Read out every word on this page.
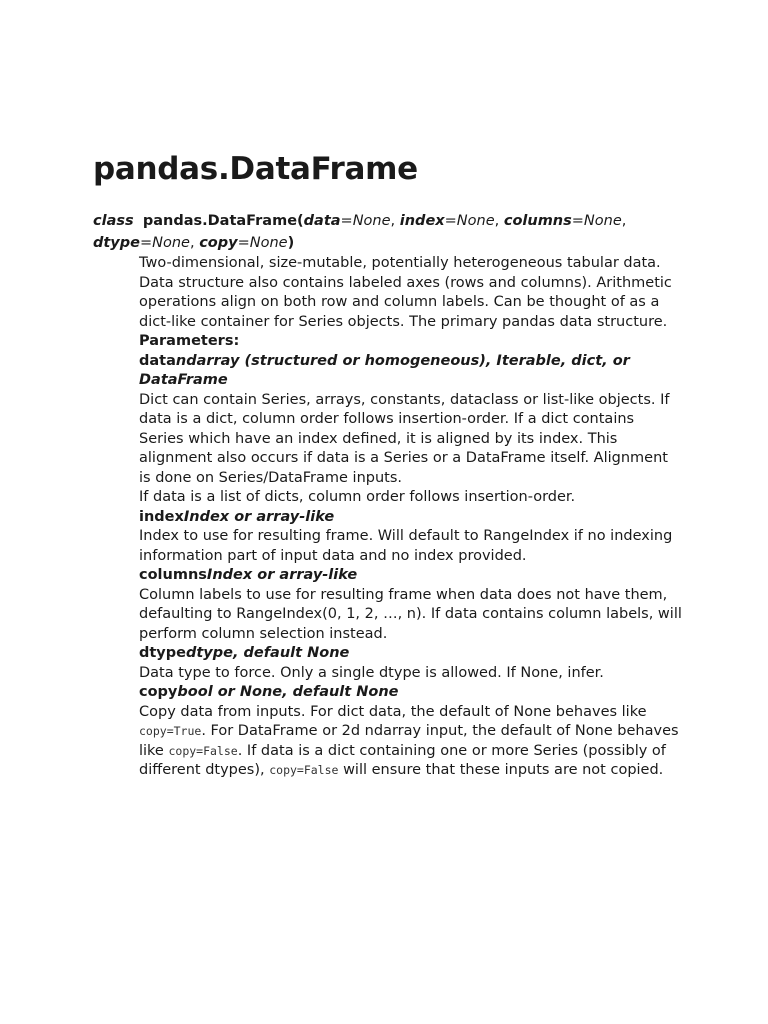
pandas.DataFrame

class pandas.DataFrame(data=None, index=None, columns=None, dtype=None, copy=None)

Two-dimensional, size-mutable, potentially heterogeneous tabular data.

Data structure also contains labeled axes (rows and columns). Arithmetic operations align on both row and column labels. Can be thought of as a dict-like container for Series objects. The primary pandas data structure.

Parameters:

datandarray (structured or homogeneous), Iterable, dict, or DataFrame

Dict can contain Series, arrays, constants, dataclass or list-like objects. If data is a dict, column order follows insertion-order. If a dict contains Series which have an index defined, it is aligned by its index. This alignment also occurs if data is a Series or a DataFrame itself. Alignment is done on Series/DataFrame inputs.

If data is a list of dicts, column order follows insertion-order.

indexIndex or array-like

Index to use for resulting frame. Will default to RangeIndex if no indexing information part of input data and no index provided.

columnsIndex or array-like

Column labels to use for resulting frame when data does not have them, defaulting to RangeIndex(0, 1, 2, …, n). If data contains column labels, will perform column selection instead.

dtypedtype, default None

Data type to force. Only a single dtype is allowed. If None, infer.

copybool or None, default None

Copy data from inputs. For dict data, the default of None behaves like copy=True. For DataFrame or 2d ndarray input, the default of None behaves like copy=False. If data is a dict containing one or more Series (possibly of different dtypes), copy=False will ensure that these inputs are not copied.
